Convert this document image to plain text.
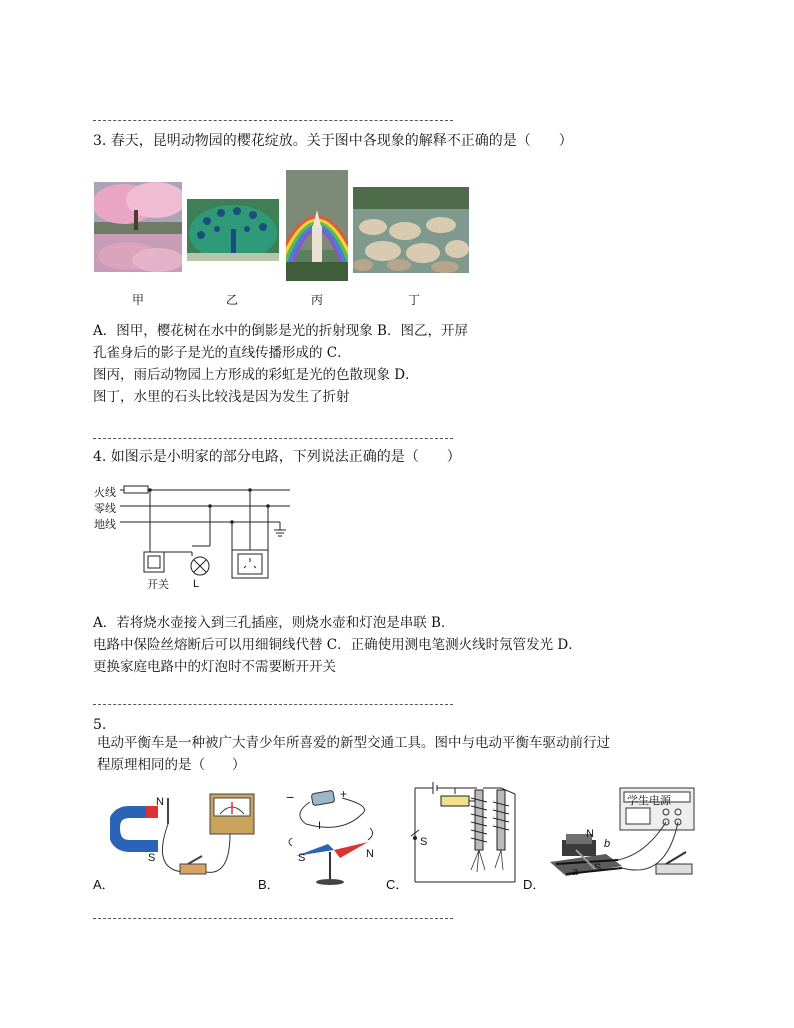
3. 春天，昆明动物园的樱花绽放。关于图中各现象的解释不正确的是（　　）
甲	乙	丙	丁
A．图甲，樱花树在水中的倒影是光的折射现象 B．图乙，开屏
孔雀身后的影子是光的直线传播形成的 C．
图丙，雨后动物园上方形成的彩虹是光的色散现象 D．
图丁，水里的石头比较浅是因为发生了折射
4. 如图示是小明家的部分电路，下列说法正确的是（　　）
火线
零线
地线
开关 L
A．若将烧水壶接入到三孔插座，则烧水壶和灯泡是串联 B．
电路中保险丝熔断后可以用细铜线代替 C．正确使用测电笔测火线时氖管发光 D．
更换家庭电路中的灯泡时不需要断开开关
5.
电动平衡车是一种被广大青少年所喜爱的新型交通工具。图中与电动平衡车驱动前行过
程原理相同的是（　　）
N
S
A．
−	+
I
S	N
B．
S
C．
学生电源
N
S
b
a
D．
